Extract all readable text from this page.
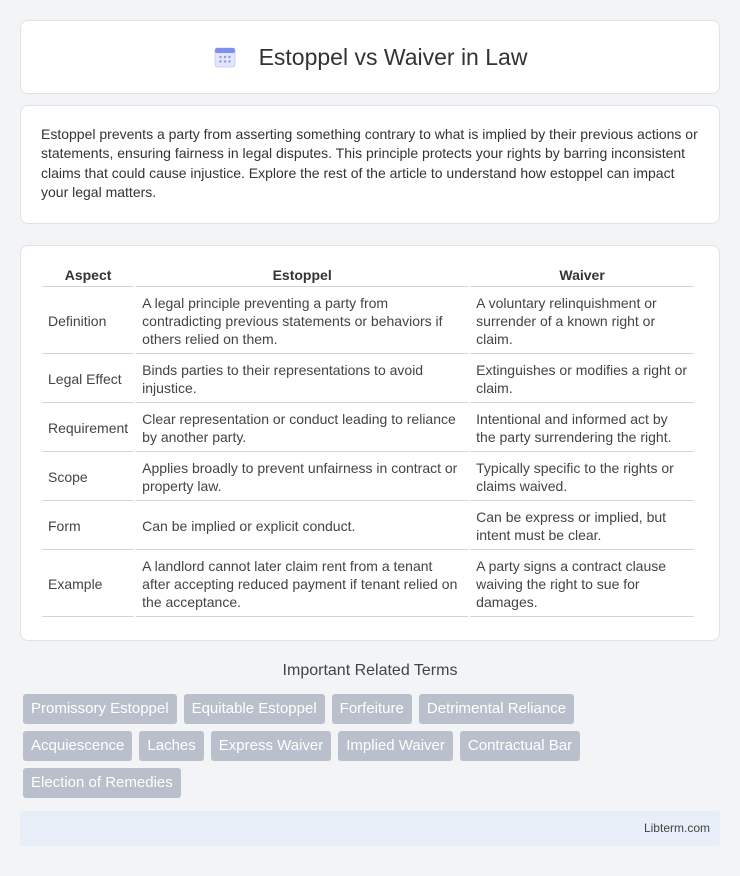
Estoppel vs Waiver in Law

Estoppel prevents a party from asserting something contrary to what is implied by their previous actions or statements, ensuring fairness in legal disputes. This principle protects your rights by barring inconsistent claims that could cause injustice. Explore the rest of the article to understand how estoppel can impact your legal matters.

Aspect	Estoppel	Waiver
Definition	A legal principle preventing a party from contradicting previous statements or behaviors if others relied on them.	A voluntary relinquishment or surrender of a known right or claim.
Legal Effect	Binds parties to their representations to avoid injustice.	Extinguishes or modifies a right or claim.
Requirement	Clear representation or conduct leading to reliance by another party.	Intentional and informed act by the party surrendering the right.
Scope	Applies broadly to prevent unfairness in contract or property law.	Typically specific to the rights or claims waived.
Form	Can be implied or explicit conduct.	Can be express or implied, but intent must be clear.
Example	A landlord cannot later claim rent from a tenant after accepting reduced payment if tenant relied on the acceptance.	A party signs a contract clause waiving the right to sue for damages.
Important Related Terms
Promissory Estoppel	Equitable Estoppel	Forfeiture	Detrimental Reliance
Acquiescence	Laches	Express Waiver	Implied Waiver	Contractual Bar
Election of Remedies
Libterm.com
